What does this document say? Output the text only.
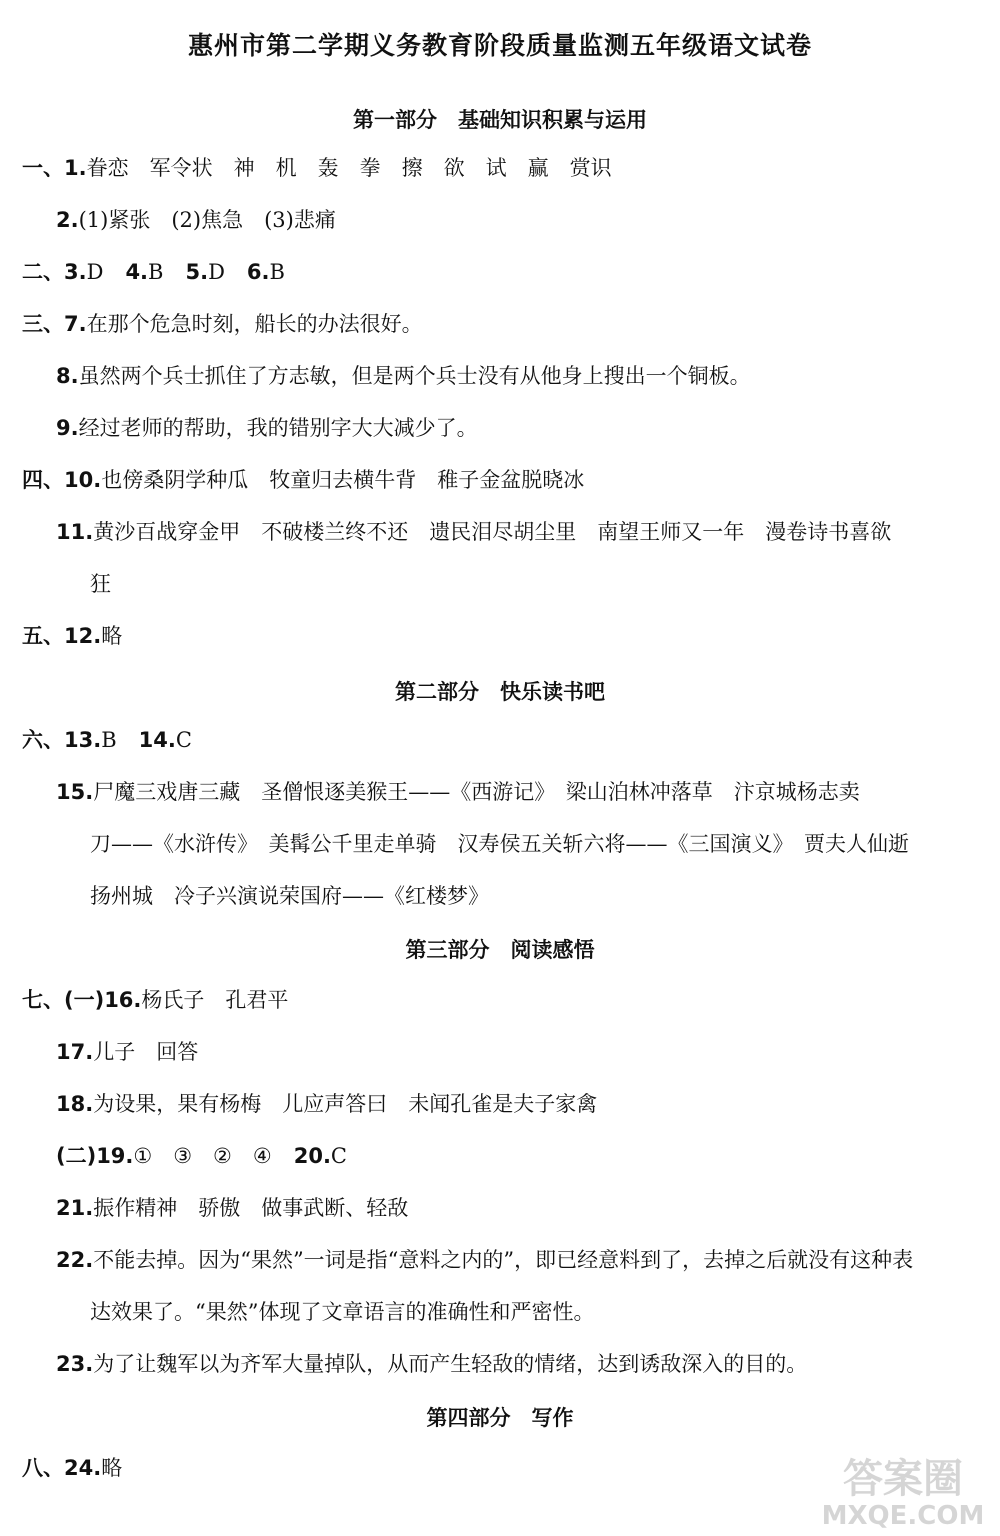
惠州市第二学期义务教育阶段质量监测五年级语文试卷
第一部分　基础知识积累与运用
一、1.眷恋　军令状　神　机　轰　拳　擦　欲　试　赢　赏识
2.(1)紧张　(2)焦急　(3)悲痛
二、3.D 4.B 5.D 6.B
三、7.在那个危急时刻，船长的办法很好。
8.虽然两个兵士抓住了方志敏，但是两个兵士没有从他身上搜出一个铜板。
9.经过老师的帮助，我的错别字大大减少了。
四、10.也傍桑阴学种瓜　牧童归去横牛背　稚子金盆脱晓冰
11.黄沙百战穿金甲　不破楼兰终不还　遗民泪尽胡尘里　南望王师又一年　漫卷诗书喜欲
狂
五、12.略
第二部分　快乐读书吧
六、13.B 14.C
15.尸魔三戏唐三藏　圣僧恨逐美猴王——《西游记》　梁山泊林冲落草　汴京城杨志卖
刀——《水浒传》　美髯公千里走单骑　汉寿侯五关斩六将——《三国演义》　贾夫人仙逝
扬州城　冷子兴演说荣国府——《红楼梦》
第三部分　阅读感悟
七、(一)16.杨氏子　孔君平
17.儿子　回答
18.为设果，果有杨梅　儿应声答曰　未闻孔雀是夫子家禽
(二)19.①　③　②　④ 20.C
21.振作精神　骄傲　做事武断、轻敌
22.不能去掉。因为“果然”一词是指“意料之内的”，即已经意料到了，去掉之后就没有这种表
达效果了。“果然”体现了文章语言的准确性和严密性。
23.为了让魏军以为齐军大量掉队，从而产生轻敌的情绪，达到诱敌深入的目的。
第四部分　写作
八、24.略	答案圈
MXQE.COM
